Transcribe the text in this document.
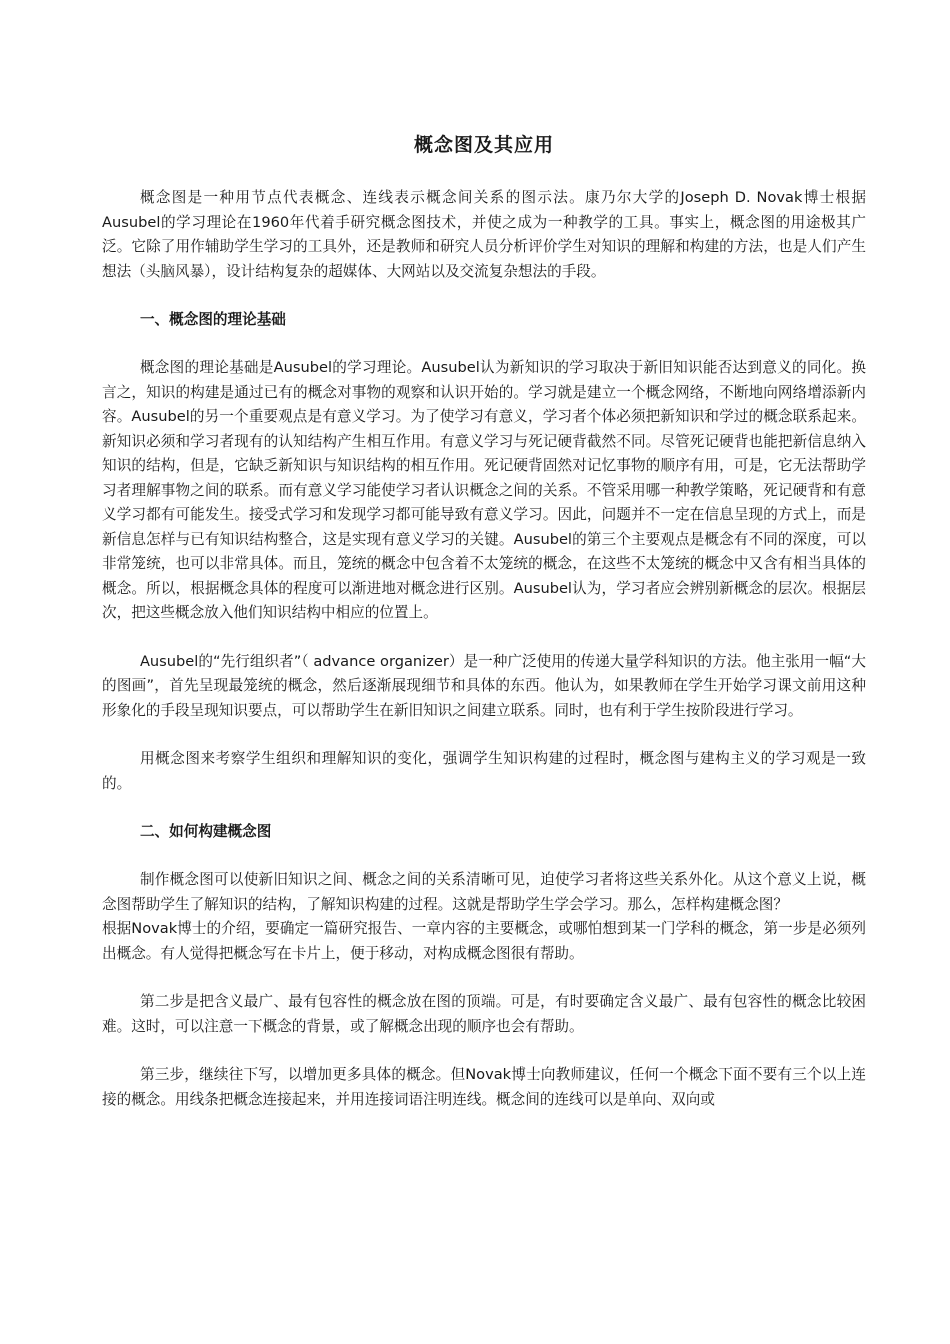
概念图及其应用

概念图是一种用节点代表概念、连线表示概念间关系的图示法。康乃尔大学的Joseph D. Novak博士根据Ausubel的学习理论在1960年代着手研究概念图技术，并使之成为一种教学的工具。事实上，概念图的用途极其广泛。它除了用作辅助学生学习的工具外，还是教师和研究人员分析评价学生对知识的理解和构建的方法，也是人们产生想法（头脑风暴），设计结构复杂的超媒体、大网站以及交流复杂想法的手段。

一、概念图的理论基础

概念图的理论基础是Ausubel的学习理论。Ausubel认为新知识的学习取决于新旧知识能否达到意义的同化。换言之，知识的构建是通过已有的概念对事物的观察和认识开始的。学习就是建立一个概念网络，不断地向网络增添新内容。Ausubel的另一个重要观点是有意义学习。为了使学习有意义，学习者个体必须把新知识和学过的概念联系起来。新知识必须和学习者现有的认知结构产生相互作用。有意义学习与死记硬背截然不同。尽管死记硬背也能把新信息纳入知识的结构，但是，它缺乏新知识与知识结构的相互作用。死记硬背固然对记忆事物的顺序有用，可是，它无法帮助学习者理解事物之间的联系。而有意义学习能使学习者认识概念之间的关系。不管采用哪一种教学策略，死记硬背和有意义学习都有可能发生。接受式学习和发现学习都可能导致有意义学习。因此，问题并不一定在信息呈现的方式上，而是新信息怎样与已有知识结构整合，这是实现有意义学习的关键。Ausubel的第三个主要观点是概念有不同的深度，可以非常笼统，也可以非常具体。而且，笼统的概念中包含着不太笼统的概念，在这些不太笼统的概念中又含有相当具体的概念。所以，根据概念具体的程度可以渐进地对概念进行区别。Ausubel认为，学习者应会辨别新概念的层次。根据层次，把这些概念放入他们知识结构中相应的位置上。

Ausubel的“先行组织者”（ advance organizer）是一种广泛使用的传递大量学科知识的方法。他主张用一幅“大的图画”，首先呈现最笼统的概念，然后逐渐展现细节和具体的东西。他认为，如果教师在学生开始学习课文前用这种形象化的手段呈现知识要点，可以帮助学生在新旧知识之间建立联系。同时，也有利于学生按阶段进行学习。

用概念图来考察学生组织和理解知识的变化，强调学生知识构建的过程时，概念图与建构主义的学习观是一致的。

二、如何构建概念图

制作概念图可以使新旧知识之间、概念之间的关系清晰可见，迫使学习者将这些关系外化。从这个意义上说，概念图帮助学生了解知识的结构，了解知识构建的过程。这就是帮助学生学会学习。那么，怎样构建概念图？

根据Novak博士的介绍，要确定一篇研究报告、一章内容的主要概念，或哪怕想到某一门学科的概念，第一步是必须列出概念。有人觉得把概念写在卡片上，便于移动，对构成概念图很有帮助。

第二步是把含义最广、最有包容性的概念放在图的顶端。可是，有时要确定含义最广、最有包容性的概念比较困难。这时，可以注意一下概念的背景，或了解概念出现的顺序也会有帮助。

第三步，继续往下写，以增加更多具体的概念。但Novak博士向教师建议，任何一个概念下面不要有三个以上连接的概念。用线条把概念连接起来，并用连接词语注明连线。概念间的连线可以是单向、双向或
